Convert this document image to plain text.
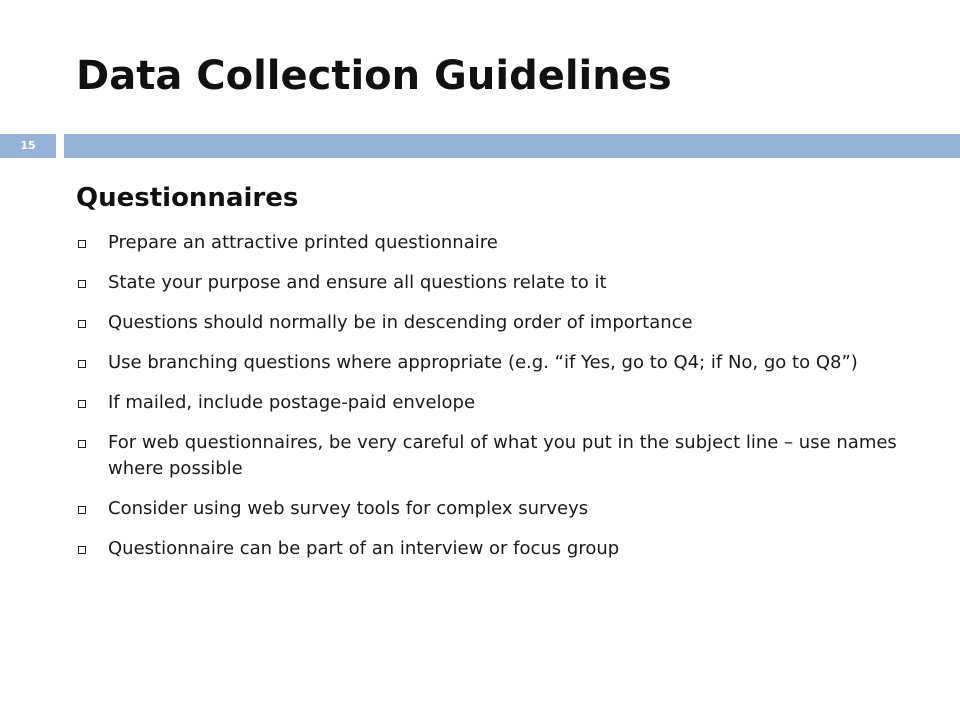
Data Collection Guidelines
15
Questionnaires
Prepare an attractive printed questionnaire
State your purpose and ensure all questions relate to it
Questions should normally be in descending order of importance
Use branching questions where appropriate (e.g. “if Yes, go to Q4; if No, go to Q8”)
If mailed, include postage-paid envelope
For web questionnaires, be very careful of what you put in the subject line – use names where possible
Consider using web survey tools for complex surveys
Questionnaire can be part of an interview or focus group
